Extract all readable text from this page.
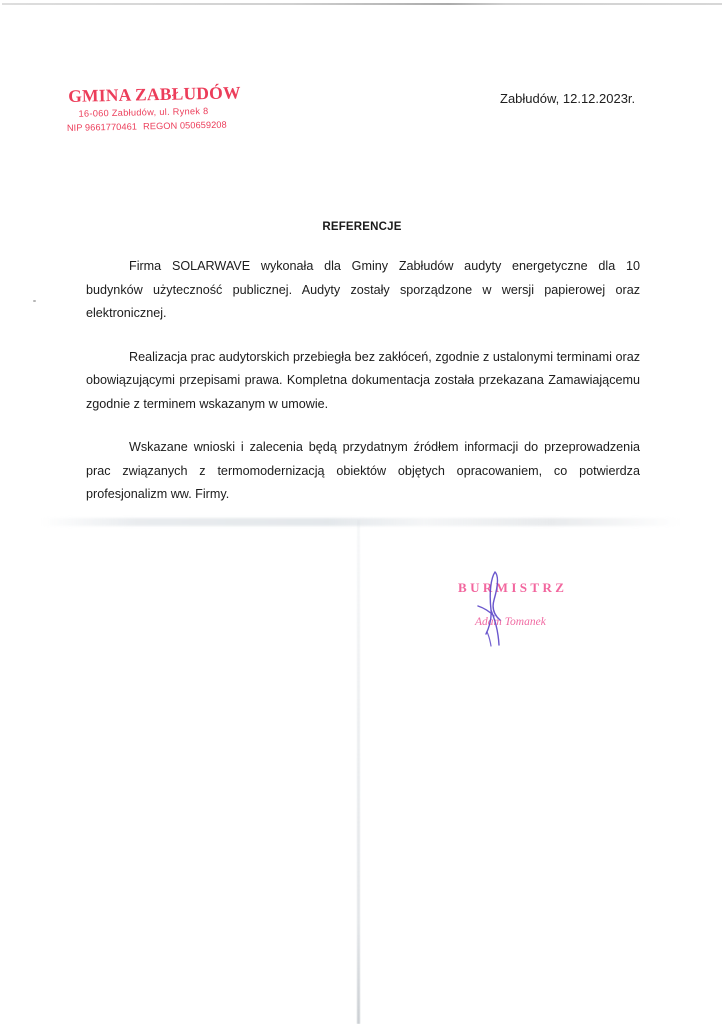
GMINA ZABŁUDÓW
16-060 Zabłudów, ul. Rynek 8
NIP 9661770461 REGON 050659208
Zabłudów, 12.12.2023r.
REFERENCJE

Firma SOLARWAVE wykonała dla Gminy Zabłudów audyty energetyczne dla 10 budynków użyteczność publicznej. Audyty zostały sporządzone w wersji papierowej oraz elektronicznej.

Realizacja prac audytorskich przebiegła bez zakłóceń, zgodnie z ustalonymi terminami oraz obowiązującymi przepisami prawa. Kompletna dokumentacja została przekazana Zamawiającemu zgodnie z terminem wskazanym w umowie.

Wskazane wnioski i zalecenia będą przydatnym źródłem informacji do przeprowadzenia prac związanych z termomodernizacją obiektów objętych opracowaniem, co potwierdza profesjonalizm ww. Firmy.

BURMISTRZ
Adam Tomanek
